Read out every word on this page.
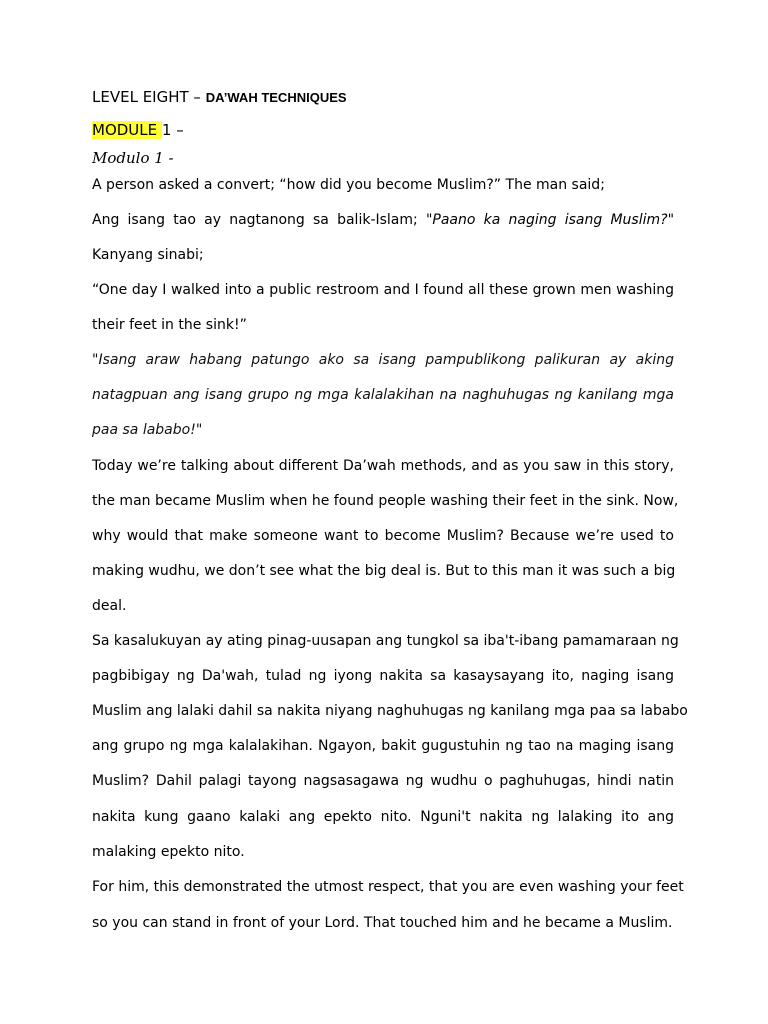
LEVEL EIGHT – DA’WAH TECHNIQUES
MODULE 1 –
Modulo 1 -
A person asked a convert; “how did you become Muslim?” The man said;
Ang isang tao ay nagtanong sa balik-Islam; "Paano ka naging isang Muslim?"
Kanyang sinabi;
“One day I walked into a public restroom and I found all these grown men washing
their feet in the sink!”
"Isang araw habang patungo ako sa isang pampublikong palikuran ay aking
natagpuan ang isang grupo ng mga kalalakihan na naghuhugas ng kanilang mga
paa sa lababo!"
Today we’re talking about different Da’wah methods, and as you saw in this story,
the man became Muslim when he found people washing their feet in the sink. Now,
why would that make someone want to become Muslim? Because we’re used to
making wudhu, we don’t see what the big deal is. But to this man it was such a big
deal.
Sa kasalukuyan ay ating pinag-uusapan ang tungkol sa iba't-ibang pamamaraan ng
pagbibigay ng Da'wah, tulad ng iyong nakita sa kasaysayang ito, naging isang
Muslim ang lalaki dahil sa nakita niyang naghuhugas ng kanilang mga paa sa lababo
ang grupo ng mga kalalakihan. Ngayon, bakit gugustuhin ng tao na maging isang
Muslim? Dahil palagi tayong nagsasagawa ng wudhu o paghuhugas, hindi natin
nakita kung gaano kalaki ang epekto nito. Nguni't nakita ng lalaking ito ang
malaking epekto nito.
For him, this demonstrated the utmost respect, that you are even washing your feet
so you can stand in front of your Lord. That touched him and he became a Muslim.
